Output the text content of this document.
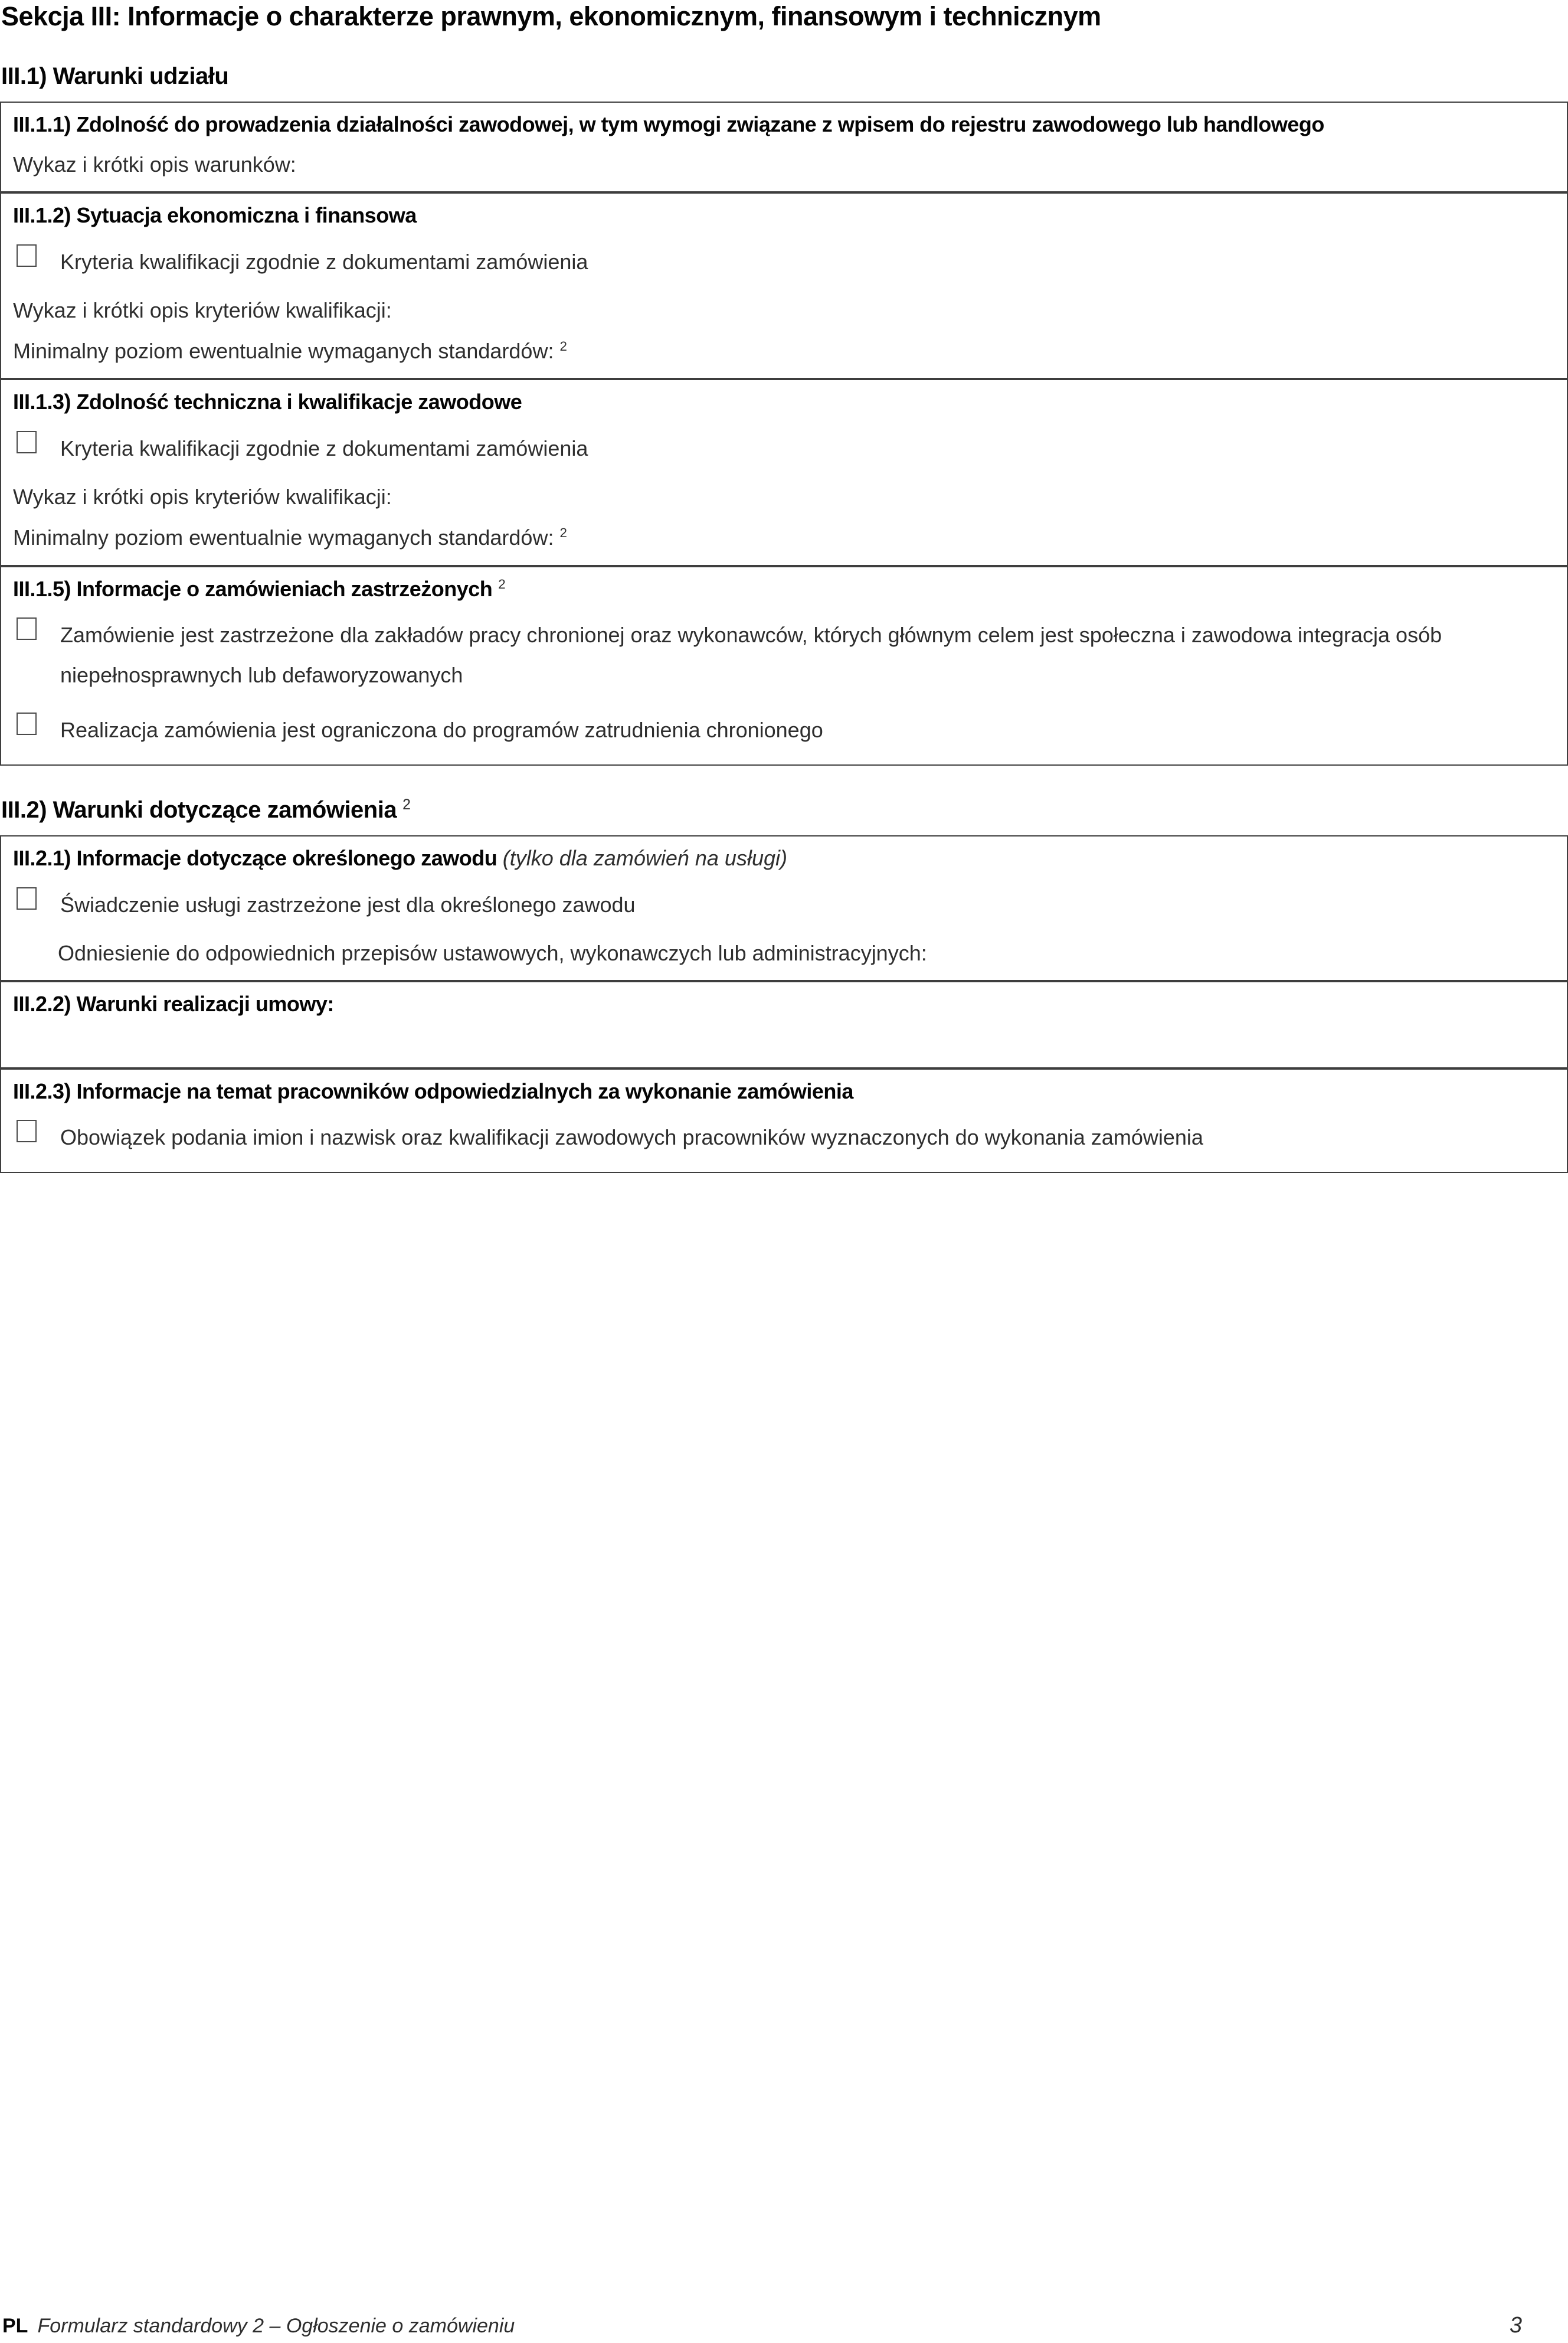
Sekcja III: Informacje o charakterze prawnym, ekonomicznym, finansowym i technicznym
III.1) Warunki udziału
III.1.1) Zdolność do prowadzenia działalności zawodowej, w tym wymogi związane z wpisem do rejestru zawodowego lub handlowego

Wykaz i krótki opis warunków:

III.1.2) Sytuacja ekonomiczna i finansowa
Kryteria kwalifikacji zgodnie z dokumentami zamówienia

Wykaz i krótki opis kryteriów kwalifikacji:

Minimalny poziom ewentualnie wymaganych standardów: $^2$

III.1.3) Zdolność techniczna i kwalifikacje zawodowe
Kryteria kwalifikacji zgodnie z dokumentami zamówienia

Wykaz i krótki opis kryteriów kwalifikacji:

Minimalny poziom ewentualnie wymaganych standardów: $^2$

III.1.5) Informacje o zamówieniach zastrzeżonych $^2$
Zamówienie jest zastrzeżone dla zakładów pracy chronionej oraz wykonawców, których głównym celem jest społeczna i zawodowa integracja osób niepełnosprawnych lub defaworyzowanych
Realizacja zamówienia jest ograniczona do programów zatrudnienia chronionego
III.2) Warunki dotyczące zamówienia $^2$
III.2.1) Informacje dotyczące określonego zawodu (tylko dla zamówień na usługi)
Świadczenie usługi zastrzeżone jest dla określonego zawodu

Odniesienie do odpowiednich przepisów ustawowych, wykonawczych lub administracyjnych:

III.2.2) Warunki realizacji umowy:
III.2.3) Informacje na temat pracowników odpowiedzialnych za wykonanie zamówienia
Obowiązek podania imion i nazwisk oraz kwalifikacji zawodowych pracowników wyznaczonych do wykonania zamówienia
PL Formularz standardowy 2 – Ogłoszenie o zamówieniu	3
